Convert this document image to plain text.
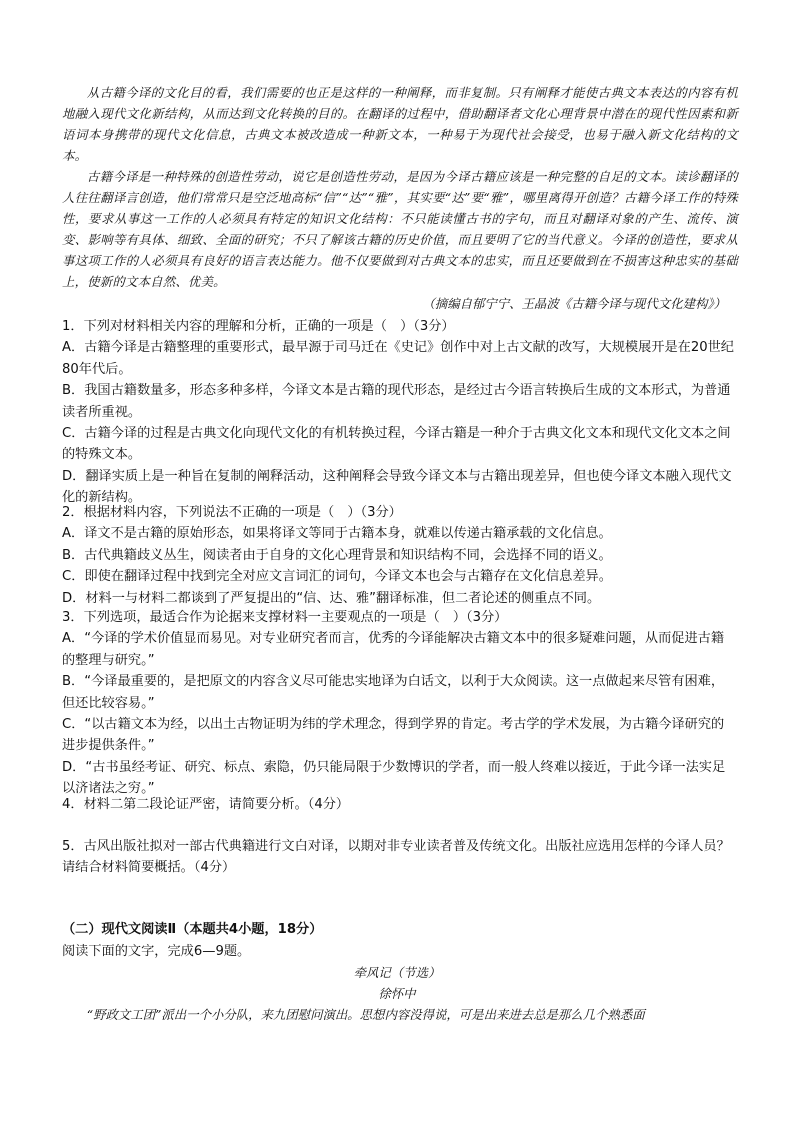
从古籍今译的文化目的看，我们需要的也正是这样的一种阐释，而非复制。只有阐释才能使古典文本表达的内容有机地融入现代文化新结构，从而达到文化转换的目的。在翻译的过程中，借助翻译者文化心理背景中潜在的现代性因素和新语词本身携带的现代文化信息，古典文本被改造成一种新文本，一种易于为现代社会接受，也易于融入新文化结构的文本。

古籍今译是一种特殊的创造性劳动，说它是创造性劳动，是因为今译古籍应该是一种完整的自足的文本。读诊翻译的人往往翻译言创造，他们常常只是空泛地高标“信”“达”“雅”，其实要“达”要“雅”，哪里离得开创造？古籍今译工作的特殊性，要求从事这一工作的人必须具有特定的知识文化结构：不只能读懂古书的字句，而且对翻译对象的产生、流传、演变、影响等有具体、细致、全面的研究；不只了解该古籍的历史价值，而且要明了它的当代意义。今译的创造性，要求从事这项工作的人必须具有良好的语言表达能力。他不仅要做到对古典文本的忠实，而且还要做到在不损害这种忠实的基础上，使新的文本自然、优美。

（摘编自郁宁宁、王晶波《古籍今译与现代文化建构》）
1．下列对材料相关内容的理解和分析，正确的一项是（　）（3分）
A．古籍今译是古籍整理的重要形式，最早源于司马迁在《史记》创作中对上古文献的改写，大规模展开是在20世纪80年代后。
B．我国古籍数量多，形态多种多样，今译文本是古籍的现代形态，是经过古今语言转换后生成的文本形式，为普通读者所重视。
C．古籍今译的过程是古典文化向现代文化的有机转换过程，今译古籍是一种介于古典文化文本和现代文化文本之间的特殊文本。
D．翻译实质上是一种旨在复制的阐释活动，这种阐释会导致今译文本与古籍出现差异，但也使今译文本融入现代文化的新结构。
2．根据材料内容，下列说法不正确的一项是（　）（3分）
A．译文不是古籍的原始形态，如果将译文等同于古籍本身，就难以传递古籍承载的文化信息。
B．古代典籍歧义丛生，阅读者由于自身的文化心理背景和知识结构不同，会选择不同的语义。
C．即使在翻译过程中找到完全对应文言词汇的词句，今译文本也会与古籍存在文化信息差异。
D．材料一与材料二都谈到了严复提出的“信、达、雅”翻译标准，但二者论述的侧重点不同。
3．下列选项，最适合作为论据来支撑材料一主要观点的一项是（　）（3分）
A．“今译的学术价值显而易见。对专业研究者而言，优秀的今译能解决古籍文本中的很多疑难问题，从而促进古籍的整理与研究。”
B．“今译最重要的，是把原文的内容含义尽可能忠实地译为白话文，以利于大众阅读。这一点做起来尽管有困难，但还比较容易。”
C．“以古籍文本为经，以出土古物证明为纬的学术理念，得到学界的肯定。考古学的学术发展，为古籍今译研究的进步提供条件。”
D．“古书虽经考证、研究、标点、索隐，仍只能局限于少数博识的学者，而一般人终难以接近，于此今译一法实足以济诸法之穷。”
4．材料二第二段论证严密，请简要分析。（4分）
5．古风出版社拟对一部古代典籍进行文白对译，以期对非专业读者普及传统文化。出版社应选用怎样的今译人员？请结合材料简要概括。（4分）
（二）现代文阅读Ⅱ（本题共4小题，18分）
阅读下面的文字，完成6—9题。
牵风记（节选）
徐怀中
“野政文工团”派出一个小分队，来九团慰问演出。思想内容没得说，可是出来进去总是那么几个熟悉面
